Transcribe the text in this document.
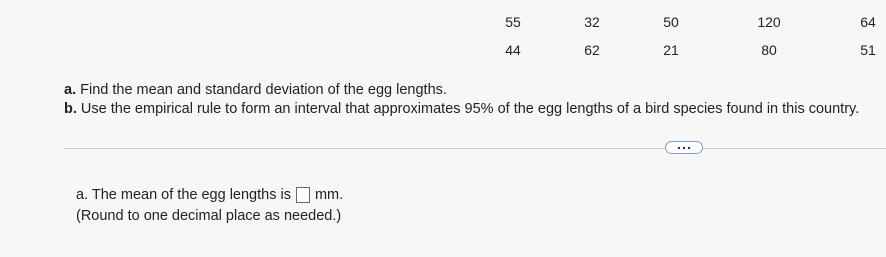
55	32	50	120	64
44	62	21	80	51
a. Find the mean and standard deviation of the egg lengths.
b. Use the empirical rule to form an interval that approximates 95% of the egg lengths of a bird species found in this country.
a. The mean of the egg lengths is mm.
(Round to one decimal place as needed.)
